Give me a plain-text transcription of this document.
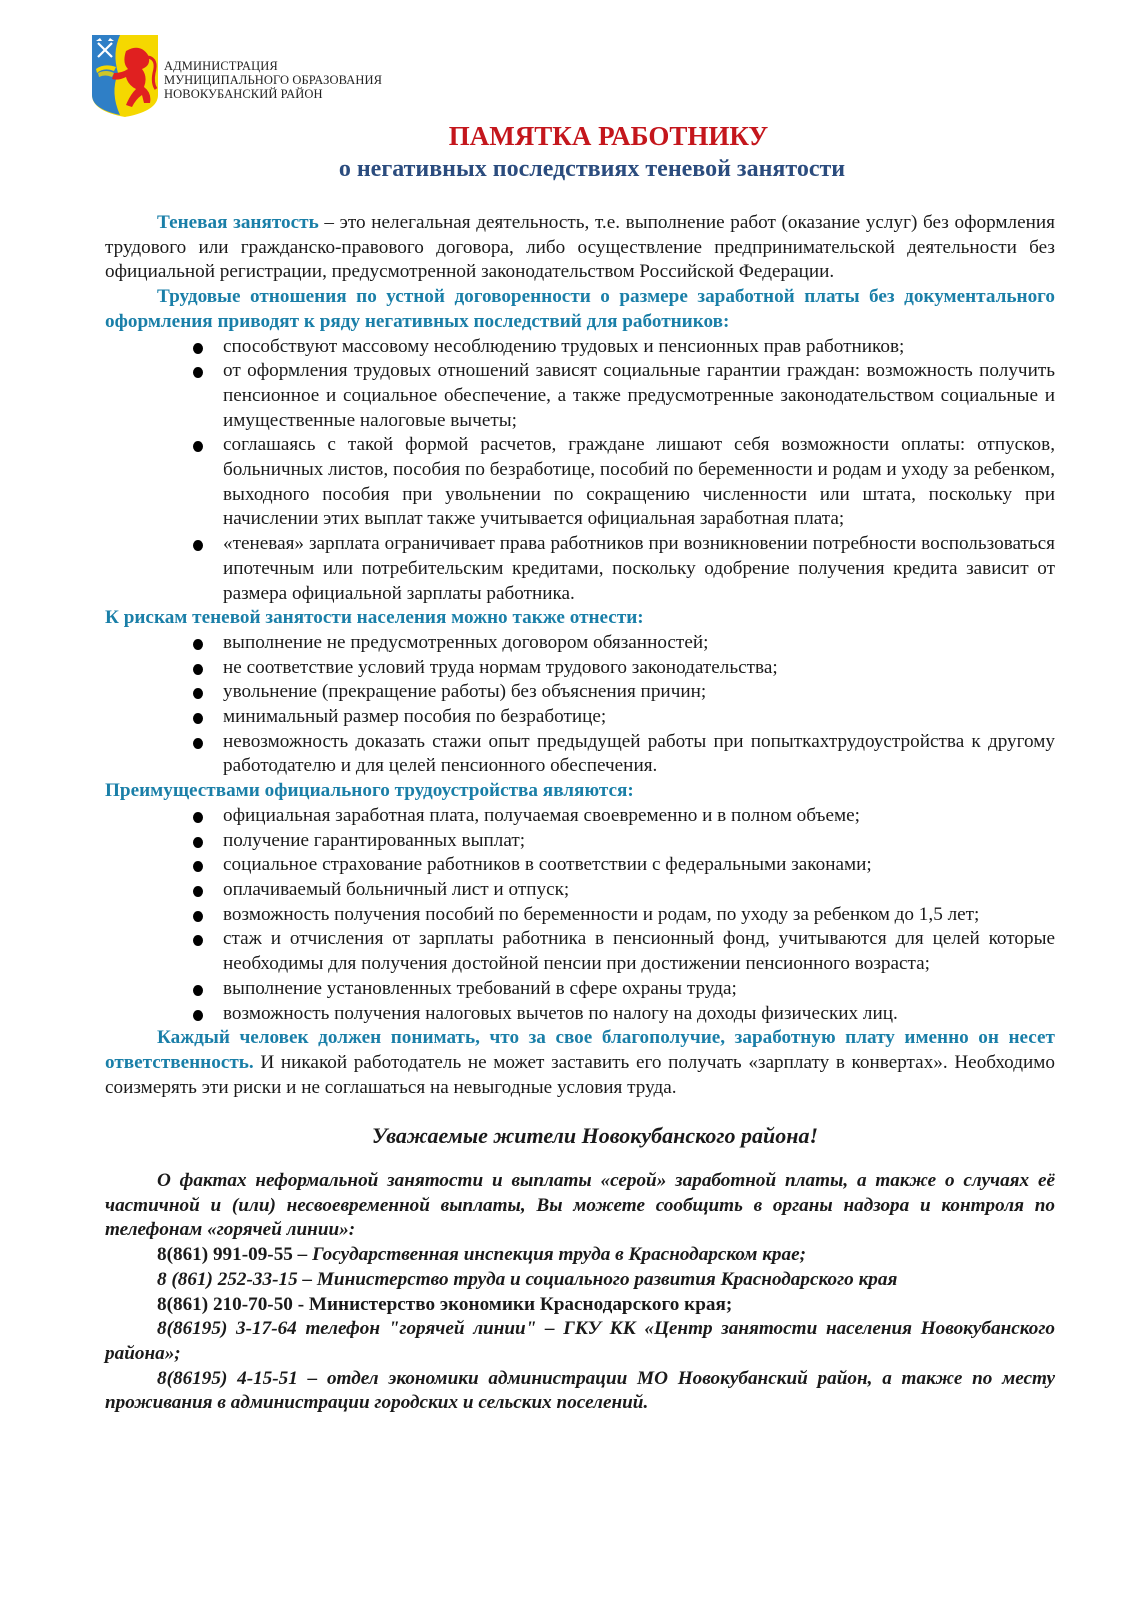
АДМИНИСТРАЦИЯ
МУНИЦИПАЛЬНОГО ОБРАЗОВАНИЯ
НОВОКУБАНСКИЙ РАЙОН
ПАМЯТКА РАБОТНИКУ
о негативных последствиях теневой занятости

Теневая занятость – это нелегальная деятельность, т.е. выполнение работ (оказание услуг) без оформления трудового или гражданско-правового договора, либо осуществление предпринимательской деятельности без официальной регистрации, предусмотренной законодательством Российской Федерации.

Трудовые отношения по устной договоренности о размере заработной платы без документального оформления приводят к ряду негативных последствий для работников:

способствуют массовому несоблюдению трудовых и пенсионных прав работников;
от оформления трудовых отношений зависят социальные гарантии граждан: возможность получить пенсионное и социальное обеспечение, а также предусмотренные законодательством социальные и имущественные налоговые вычеты;
соглашаясь с такой формой расчетов, граждане лишают себя возможности оплаты: отпусков, больничных листов, пособия по безработице, пособий по беременности и родам и уходу за ребенком, выходного пособия при увольнении по сокращению численности или штата, поскольку при начислении этих выплат также учитывается официальная заработная плата;
«теневая» зарплата ограничивает права работников при возникновении потребности воспользоваться ипотечным или потребительским кредитами, поскольку одобрение получения кредита зависит от размера официальной зарплаты работника.

К рискам теневой занятости населения можно также отнести:

выполнение не предусмотренных договором обязанностей;
не соответствие условий труда нормам трудового законодательства;
увольнение (прекращение работы) без объяснения причин;
минимальный размер пособия по безработице;
невозможность доказать стажи опыт предыдущей работы при попыткахтрудоустройства к другому работодателю и для целей пенсионного обеспечения.

Преимуществами официального трудоустройства являются:

официальная заработная плата, получаемая своевременно и в полном объеме;
получение гарантированных выплат;
социальное страхование работников в соответствии с федеральными законами;
оплачиваемый больничный лист и отпуск;
возможность получения пособий по беременности и родам, по уходу за ребенком до 1,5 лет;
стаж и отчисления от зарплаты работника в пенсионный фонд, учитываются для целей которые необходимы для получения достойной пенсии при достижении пенсионного возраста;
выполнение установленных требований в сфере охраны труда;
возможность получения налоговых вычетов по налогу на доходы физических лиц.

Каждый человек должен понимать, что за свое благополучие, заработную плату именно он несет ответственность. И никакой работодатель не может заставить его получать «зарплату в конвертах». Необходимо соизмерять эти риски и не соглашаться на невыгодные условия труда.

Уважаемые жители Новокубанского района!

О фактах неформальной занятости и выплаты «серой» заработной платы, а также о случаях её частичной и (или) несвоевременной выплаты, Вы можете сообщить в органы надзора и контроля по телефонам «горячей линии»:

8(861) 991-09-55 – Государственная инспекция труда в Краснодарском крае;

8 (861) 252-33-15 – Министерство труда и социального развития Краснодарского края

8(861) 210-70-50 - Министерство экономики Краснодарского края;

8(86195) 3-17-64 телефон "горячей линии" – ГКУ КК «Центр занятости населения Новокубанского района»;

8(86195) 4-15-51 – отдел экономики администрации МО Новокубанский район, а также по месту проживания в администрации городских и сельских поселений.
